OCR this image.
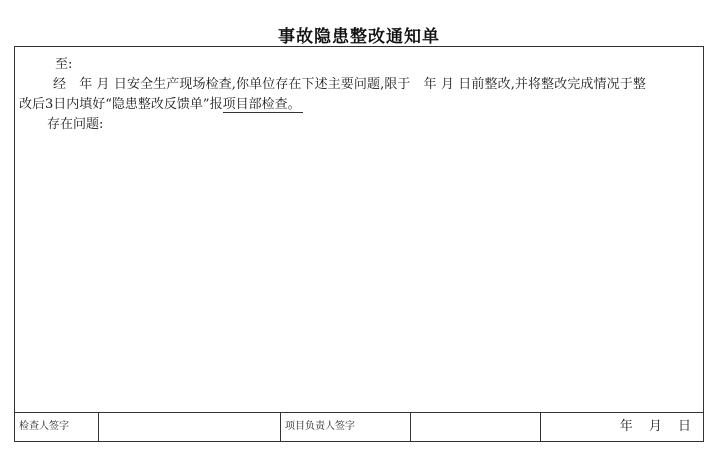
事故隐患整改通知单
至:
经　年 月 日安全生产现场检查,你单位存在下述主要问题,限于　年 月 日前整改,并将整改完成情况于整
改后3日内填好“隐患整改反馈单”报项目部检查。
存在问题:
检查人签字	项目负责人签字	年 月 日
